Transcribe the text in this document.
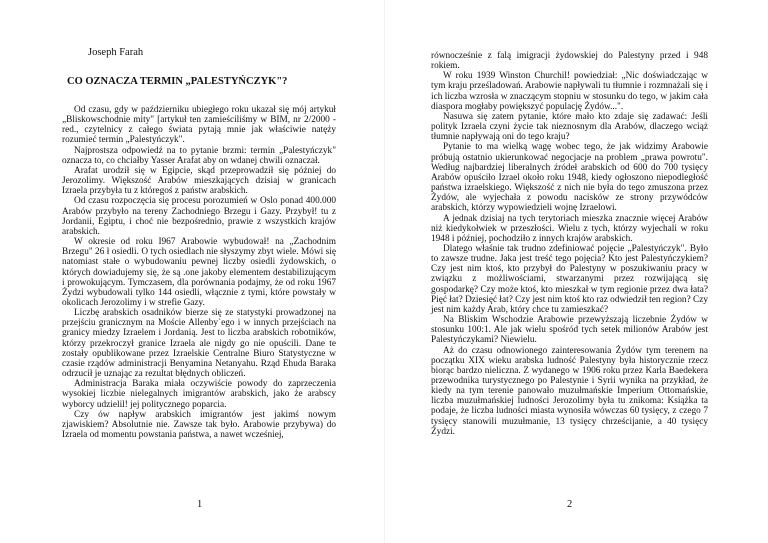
Joseph Farah
CO OZNACZA TERMIN „PALESTYŃCZYK"?

Od czasu, gdy w październiku ubiegłego roku ukazał się mój artykuł „Bliskowschodnie mity" [artykuł ten zamieściliśmy w BIM, nr 2/2000 - red., czytelnicy z całego świata pytają mnie jak właściwie natęży rozumieć termin „Palestyńczyk".

Najprostsza odpowiedź na to pytanie brzmi: termin „Palestyńczyk" oznacza to, co chciałby Yasser Arafat aby on wdanej chwili oznaczał.

Arafat urodził się w Egipcie, skąd przeprowadził się później do Jerozolimy. Większość Arabów mieszkających dzisiaj w granicach Izraela przybyła tu z któregoś z państw arabskich.

Od czasu rozpoczęcia się procesu porozumień w Oslo ponad 400.000 Arabów przybyło na tereny Zachodniego Brzegu i Gazy. Przybył! tu z Jordanii, Egiptu, i choć nie bezpośrednio, prawie z wszystkich krajów arabskich.

W okresie od roku I967 Arabowie wybudował! na „Zachodnim Brzegu" 26 ł osiedli. O tych osiedlach nie słyszymy zbyt wiele. Mówi się natomiast stałe o wybudowaniu pewnej liczby osiedli żydowskich, o których dowiadujemy się, że są .one jakoby elementem destabilizującym i prowokującym. Tymczasem, dla porównania podajmy, że od roku 1967 Żydzi wybudowali tylko 144 osiedli, włącznie z tymi, które powstały w okolicach Jerozolimy i w strefie Gazy.

Liczbę arabskich osadników bierze się ze statystyki prowadzonej na przejściu granicznym na Moście Allenby`ego i w innych przejściach na granicy miedzy Izraelem i Jordanią. Jest to liczba arabskich robotników, którzy przekroczył granice Izraela ale nigdy go nie opuścili. Dane te zostały opublikowane przez Izraelskie Centralne Biuro Statystyczne w czasie rządów administracji Benyamina Netanyahu. Rząd Ehuda Baraka odrzucił je uznając za rezultat błędnych obliczeń.

Administracja Baraka miała oczywiście powody do zaprzeczenia wysokiej liczbie nielegalnych imigrantów arabskich, jako że arabscy wyborcy udzielil! jej politycznego poparcia.

Czy ów napływ arabskich imigrantów jest jakimś nowym zjawiskiem? Absolutnie nie. Zawsze tak było. Arabowie przybywa) do Izraela od momentu powstania państwa, a nawet wcześniej,

1

równocześnie z falą imigracji żydowskiej do Palestyny przed i 948 rokiem.

W roku 1939 Winston Churchil! powiedział: „Nic doświadczając w tym kraju prześladowań. Arabowie napływali tu tłumnie i rozmnażali się i ich liczba wzrosła w znaczącym stopniu w stosunku do tego, w jakim cała diaspora mogłaby powiększyć populację Żydów...".

Nasuwa się zatem pytanie, które mało kto zdaje się zadawać: Jeśli polityk Izraela czyni życie tak nieznosnym dla Arabów, dlaczego wciąż tłumnie napływają oni do tego kraju?

Pytanie to ma wielką wagę wobec tego, że jak widzimy Arabowie próbują ostatnio ukierunkować negocjacje na problem „prawa powrotu". Według najbardziej liberalnych źródeł arabskich od 600 do 700 tysięcy Arabów opuściło Izrael około roku 1948, kiedy ogłoszono niepodległość państwa izraelskiego. Większość z nich nie była do tego zmuszona przez Żydów, ale wyjechała z powodu nacisków ze strony przywódców arabskich, którzy wypowiedzieli wojnę Izraelowi.

A jednak dzisiaj na tych terytoriach mieszka znacznie więcej Arabów niż kiedykołwiek w przeszłości. Wielu z tych, którzy wyjechali w roku 1948 i później, pochodziło z innych krajów arabskich.

Dlatego właśnie tak trudno zdefiniować pojęcie „Palestyńczyk". Było to zawsze trudne. Jaka jest treść tego pojęcia? Kto jest Palestyńczykiem? Czy jest nim ktoś, kto przybył do Palestyny w poszukiwaniu pracy w związku z możliwościami, stwarzanymi przez rozwijającą się gospodarkę? Czy może ktoś, kto mieszkał w tym regionie przez dwa łata? Pięć łat? Dziesięć łat? Czy jest nim ktoś kto raz odwiedził ten region? Czy jest nim każdy Arab, który chce tu zamieszkać?

Na Bliskim Wschodzie Arabowie przewyższają liczebnie Żydów w stosunku 100:1. Ale jak wielu spośród tych setek milionów Arabów jest Palestyńczykami? Niewielu.

Aż do czasu odnowionego zainteresowania Żydów tym terenem na początku XIX wieku arabska ludność Palestyny była historycznie rzecz biorąc bardzo nieliczna. Z wydanego w 1906 roku przez Karla Baedekera przewodnika turystycznego po Palestynie i Syrii wynika na przykład, że kiedy na tym terenie panowało muzułmańskie Imperium Ottomańskie, liczba muzułmańskiej ludności Jerozolimy była tu znikoma: Książka ta podaje, że liczba ludności miasta wynosiła wówczas 60 tysięcy, z czego 7 tysięcy stanowili muzułmanie, 13 tysięcy chrześcijanie, a 40 tysięcy Żydzi.

2
